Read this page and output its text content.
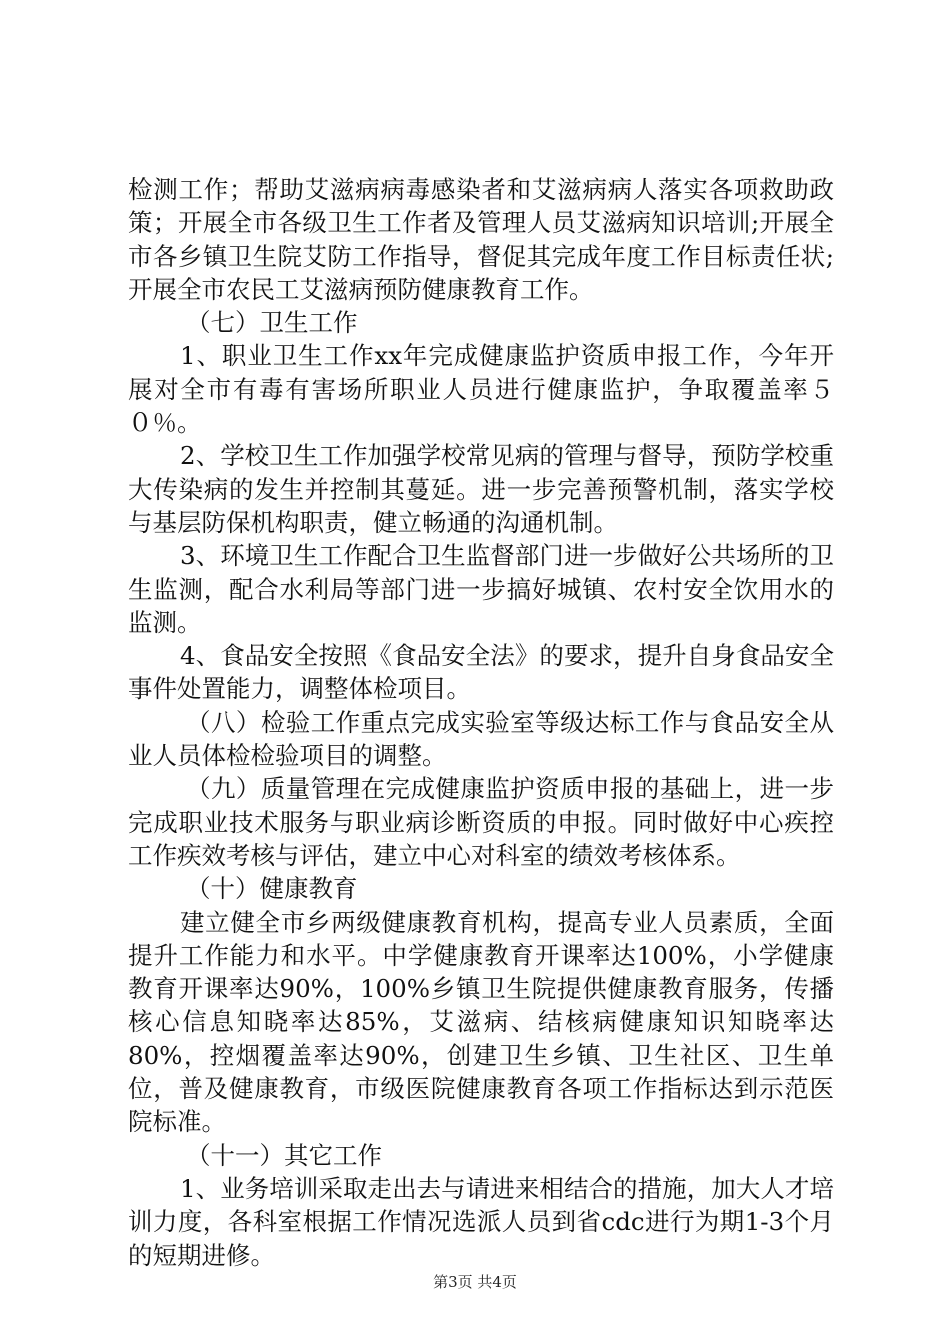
检测工作；帮助艾滋病病毒感染者和艾滋病病人落实各项救助政策；开展全市各级卫生工作者及管理人员艾滋病知识培训;开展全市各乡镇卫生院艾防工作指导，督促其完成年度工作目标责任状;开展全市农民工艾滋病预防健康教育工作。

（七）卫生工作

1、职业卫生工作xx年完成健康监护资质申报工作，今年开展对全市有毒有害场所职业人员进行健康监护，争取覆盖率５０％。

2、学校卫生工作加强学校常见病的管理与督导，预防学校重大传染病的发生并控制其蔓延。进一步完善预警机制，落实学校与基层防保机构职责，健立畅通的沟通机制。

3、环境卫生工作配合卫生监督部门进一步做好公共场所的卫生监测，配合水利局等部门进一步搞好城镇、农村安全饮用水的监测。

4、食品安全按照《食品安全法》的要求，提升自身食品安全事件处置能力，调整体检项目。

（八）检验工作重点完成实验室等级达标工作与食品安全从业人员体检检验项目的调整。

（九）质量管理在完成健康监护资质申报的基础上，进一步完成职业技术服务与职业病诊断资质的申报。同时做好中心疾控工作疾效考核与评估，建立中心对科室的绩效考核体系。

（十）健康教育

建立健全市乡两级健康教育机构，提高专业人员素质，全面提升工作能力和水平。中学健康教育开课率达100%，小学健康教育开课率达90%，100%乡镇卫生院提供健康教育服务，传播核心信息知晓率达85%，艾滋病、结核病健康知识知晓率达80%，控烟覆盖率达90%，创建卫生乡镇、卫生社区、卫生单位，普及健康教育，市级医院健康教育各项工作指标达到示范医院标准。

（十一）其它工作

1、业务培训采取走出去与请进来相结合的措施，加大人才培训力度，各科室根据工作情况选派人员到省cdc进行为期1-3个月的短期进修。

第3页 共4页
